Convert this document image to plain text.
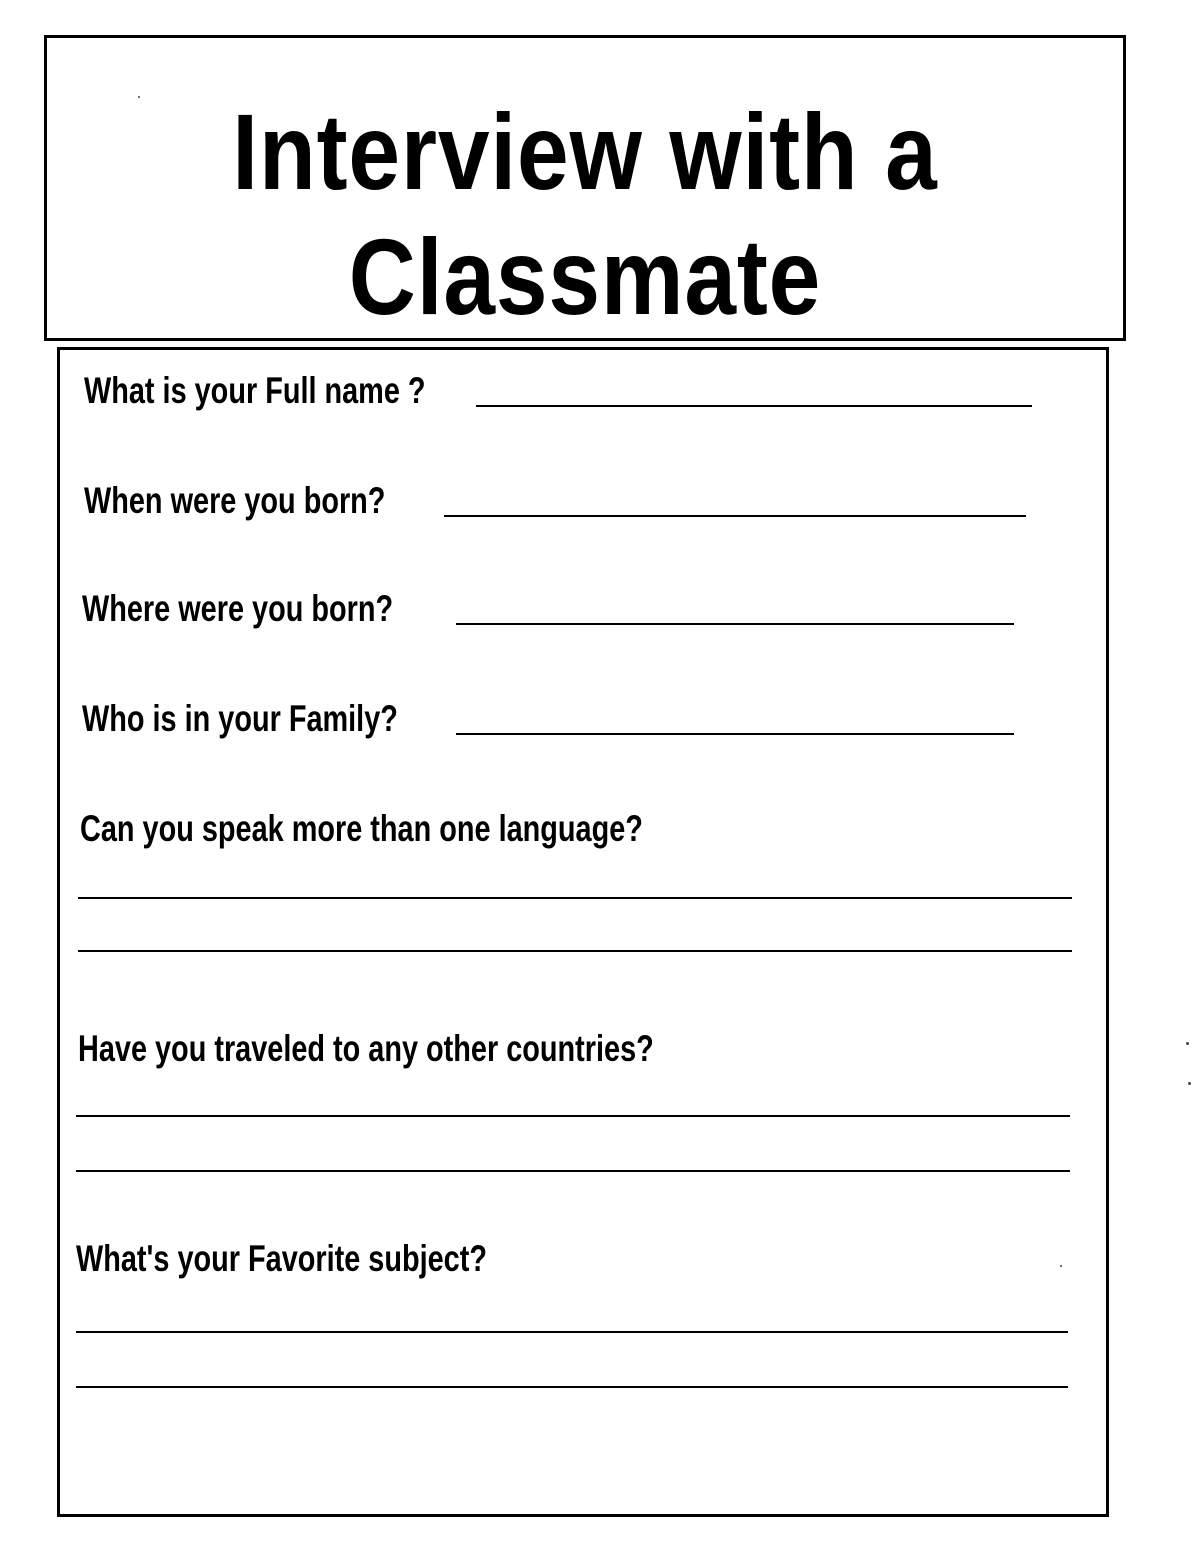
Interview with a
Classmate
What is your Full name ?
When were you born?
Where were you born?
Who is in your Family?
Can you speak more than one language?
Have you traveled to any other countries?
What's your Favorite subject?
